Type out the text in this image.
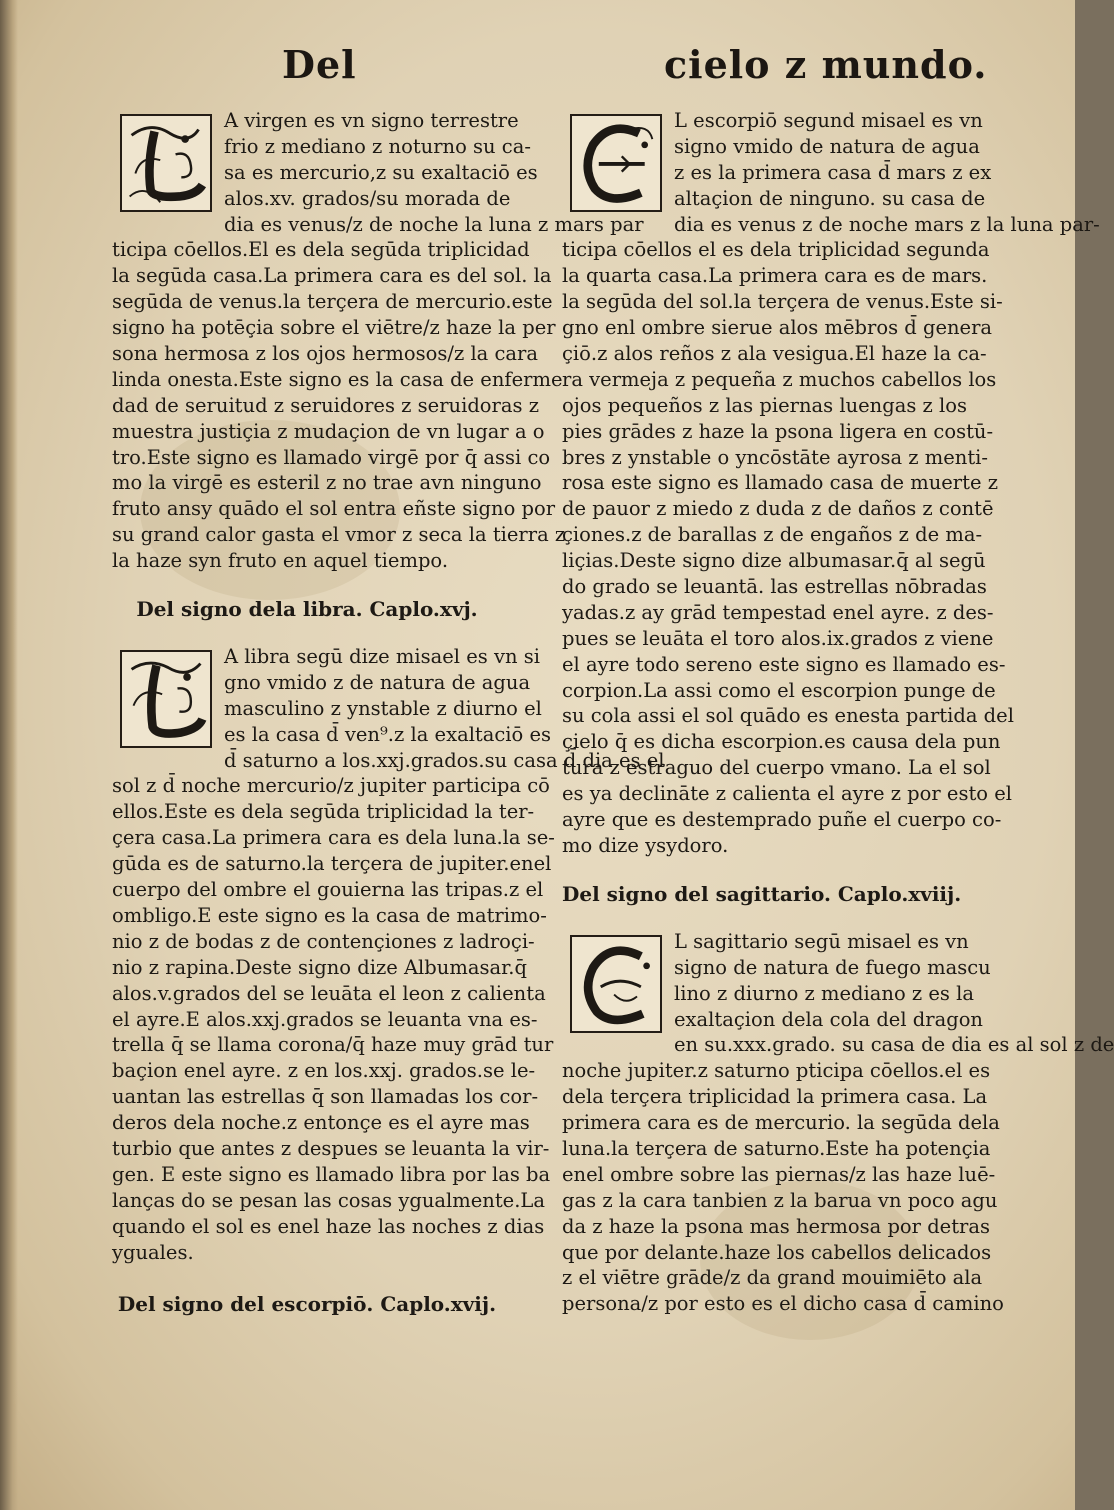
Del	cielo z mundo.
A virgen es vn signo terrestre
frio z mediano z noturno su ca-
sa es mercurio,z su exaltaciō es
alos.xv. grados/su morada de
dia es venus/z de noche la luna z mars par
ticipa cōellos.El es dela segūda triplicidad
la segūda casa.La primera cara es del sol. la
segūda de venus.la terçera de mercurio.este
signo ha potēçia sobre el viētre/z haze la per
sona hermosa z los ojos hermosos/z la cara
linda onesta.Este signo es la casa de enferme
dad de seruitud z seruidores z seruidoras z
muestra justiçia z mudaçion de vn lugar a o
tro.Este signo es llamado virgē por q̄ assi co
mo la virgē es esteril z no trae avn ninguno
fruto ansy quādo el sol entra eñste signo por
su grand calor gasta el vmor z seca la tierra z
la haze syn fruto en aquel tiempo.
Del signo dela libra. Caplo.xvj.
A libra segū dize misael es vn si
gno vmido z de natura de agua
masculino z ynstable z diurno el
es la casa d̄ ven⁹.z la exaltaciō es
d̄ saturno a los.xxj.grados.su casa d̄ dia es el
sol z d̄ noche mercurio/z jupiter participa cō
ellos.Este es dela segūda triplicidad la ter-
çera casa.La primera cara es dela luna.la se-
gūda es de saturno.la terçera de jupiter.enel
cuerpo del ombre el gouierna las tripas.z el
ombligo.E este signo es la casa de matrimo-
nio z de bodas z de contençiones z ladroçi-
nio z rapina.Deste signo dize Albumasar.q̄
alos.v.grados del se leuāta el leon z calienta
el ayre.E alos.xxj.grados se leuanta vna es-
trella q̄ se llama corona/q̄ haze muy grād tur
baçion enel ayre. z en los.xxj. grados.se le-
uantan las estrellas q̄ son llamadas los cor-
deros dela noche.z entonçe es el ayre mas
turbio que antes z despues se leuanta la vir-
gen. E este signo es llamado libra por las ba
lanças do se pesan las cosas ygualmente.La
quando el sol es enel haze las noches z dias
yguales.
Del signo del escorpiō. Caplo.xvij.
L escorpiō segund misael es vn
signo vmido de natura de agua
z es la primera casa d̄ mars z ex
altaçion de ninguno. su casa de
dia es venus z de noche mars z la luna par-
ticipa cōellos el es dela triplicidad segunda
la quarta casa.La primera cara es de mars.
la segūda del sol.la terçera de venus.Este si-
gno enl ombre sierue alos mēbros d̄ genera
çiō.z alos reños z ala vesigua.El haze la ca-
ra vermeja z pequeña z muchos cabellos los
ojos pequeños z las piernas luengas z los
pies grādes z haze la psona ligera en costū-
bres z ynstable o yncōstāte ayrosa z menti-
rosa este signo es llamado casa de muerte z
de pauor z miedo z duda z de daños z contē
çiones.z de barallas z de engaños z de ma-
liçias.Deste signo dize albumasar.q̄ al segū
do grado se leuantā. las estrellas nōbradas
yadas.z ay grād tempestad enel ayre. z des-
pues se leuāta el toro alos.ix.grados z viene
el ayre todo sereno este signo es llamado es-
corpion.La assi como el escorpion punge de
su cola assi el sol quādo es enesta partida del
çielo q̄ es dicha escorpion.es causa dela pun
tura z estraguo del cuerpo vmano. La el sol
es ya declināte z calienta el ayre z por esto el
ayre que es destemprado puñe el cuerpo co-
mo dize ysydoro.
Del signo del sagittario. Caplo.xviij.
L sagittario segū misael es vn
signo de natura de fuego mascu
lino z diurno z mediano z es la
exaltaçion dela cola del dragon
en su.xxx.grado. su casa de dia es al sol z de
noche jupiter.z saturno pticipa cōellos.el es
dela terçera triplicidad la primera casa. La
primera cara es de mercurio. la segūda dela
luna.la terçera de saturno.Este ha potençia
enel ombre sobre las piernas/z las haze luē-
gas z la cara tanbien z la barua vn poco agu
da z haze la psona mas hermosa por detras
que por delante.haze los cabellos delicados
z el viētre grāde/z da grand mouimiēto ala
persona/z por esto es el dicho casa d̄ camino
